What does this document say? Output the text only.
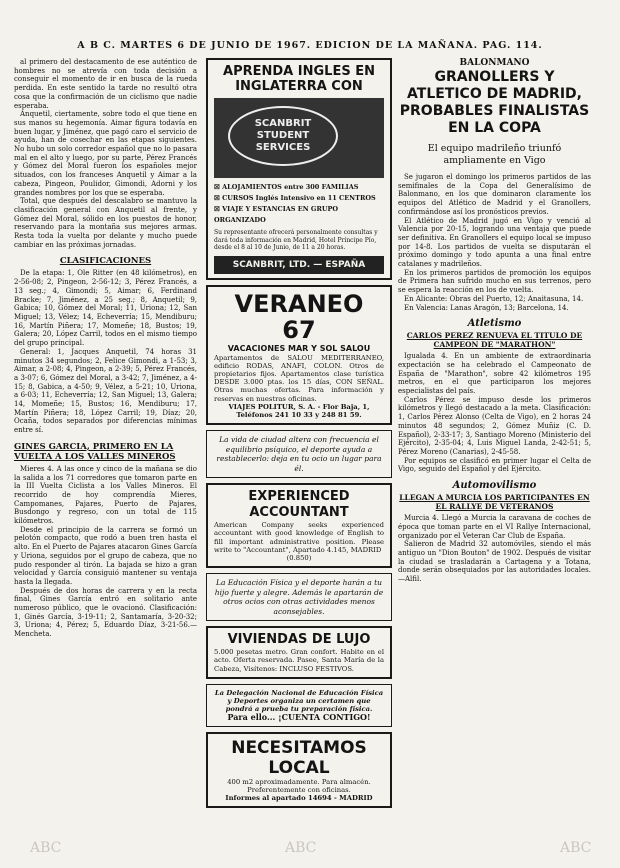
A B C. MARTES 6 DE JUNIO DE 1967. EDICION DE LA MAÑANA. PAG. 114.

al primero del destacamento de ese auténtico de hombres no se atrevía con toda decisión a conseguir el momento de ir en busca de la rueda perdida. En este sentido la tarde no resultó otra cosa que la confirmación de un ciclismo que nadie esperaba.

Anquetil, ciertamente, sobre todo el que tiene en sus manos su hegemonía. Aimar figura todavía en buen lugar, y Jiménez, que pagó caro el servicio de ayuda, han de cosechar en las etapas siguientes. No hubo un solo corredor español que no lo pasara mal en el alto y luego, por su parte, Pérez Francés y Gómez del Moral fueron los españoles mejor situados, con los franceses Anquetil y Aimar a la cabeza, Pingeon, Poulidor, Gimondi, Adorni y los grandes nombres por los que se esperaba.

Total, que después del descalabro se mantuvo la clasificación general con Anquetil al frente, y Gómez del Moral, sólido en los puestos de honor, reservando para la montaña sus mejores armas. Resta toda la vuelta por delante y mucho puede cambiar en las próximas jornadas.

CLASIFICACIONES

De la etapa: 1, Ole Ritter (en 48 kilómetros), en 2-56-08; 2, Pingeon, 2-56-12; 3, Pérez Francés, a 13 seg.; 4, Gimondi; 5, Aimar; 6, Ferdinand Bracke; 7, Jiménez, a 25 seg.; 8, Anquetil; 9, Gabica; 10, Gómez del Moral; 11, Uriona; 12, San Miguel; 13, Vélez; 14, Echeverría; 15, Mendiburu; 16, Martín Piñera; 17, Momeñe; 18, Bustos; 19, Galera; 20, López Carril, todos en el mismo tiempo del grupo principal.

General: 1, Jacques Anquetil, 74 horas 31 minutos 34 segundos; 2, Felice Gimondi, a 1-53; 3, Aimar, a 2-08; 4, Pingeon, a 2-39; 5, Pérez Francés, a 3-07; 6, Gómez del Moral, a 3-42; 7, Jiménez, a 4-15; 8, Gabica, a 4-50; 9, Vélez, a 5-21; 10, Uriona, a 6-03; 11, Echeverría; 12, San Miguel; 13, Galera; 14, Momeñe; 15, Bustos; 16, Mendiburu; 17, Martín Piñera; 18, López Carril; 19, Díaz; 20, Ocaña, todos separados por diferencias mínimas entre sí.

GINES GARCIA, PRIMERO EN LA VUELTA A LOS VALLES MINEROS

Mieres 4. A las once y cinco de la mañana se dio la salida a los 71 corredores que tomaron parte en la III Vuelta Ciclista a los Valles Mineros. El recorrido de hoy comprendía Mieres, Campomanes, Pajares, Puerto de Pajares, Busdongo y regreso, con un total de 115 kilómetros.

Desde el principio de la carrera se formó un pelotón compacto, que rodó a buen tren hasta el alto. En el Puerto de Pajares atacaron Gines García y Uriona, seguidos por el grupo de cabeza, que no pudo responder al tirón. La bajada se hizo a gran velocidad y García consiguió mantener su ventaja hasta la llegada.

Después de dos horas de carrera y en la recta final, Gines García entró en solitario ante numeroso público, que le ovacionó. Clasificación: 1, Ginés García, 3-19-11; 2, Santamaría, 3-20-32; 3, Uriona; 4, Pérez; 5, Eduardo Díaz, 3-21-56.—Mencheta.

APRENDA INGLES EN INGLATERRA CON
SCANBRIT STUDENT SERVICES
☒ ALOJAMIENTOS entre 300 FAMILIAS
☒ CURSOS Inglés Intensivo en 11 CENTROS
☒ VIAJE Y ESTANCIAS EN GRUPO ORGANIZADO

Su representante ofrecerá personalmente consultas y dará toda información en Madrid, Hotel Príncipe Pío, desde el 8 al 10 de Junio, de 11 a 20 horas.

SCANBRIT, LTD. — ESPAÑA
VERANEO 67
VACACIONES MAR Y SOL SALOU

Apartamentos de SALOU MEDITERRANEO, edificio RODAS, ANAFI, COLON. Otros de propietarios fijos. Apartamentos clase turística DESDE 3.000 ptas. los 15 días, CON SEÑAL. Otras muchas ofertas. Para información y reservas en nuestras oficinas.

VIAJES POLITUR, S. A. - Flor Baja, 1, Teléfonos 241 10 33 y 248 81 59.

La vida de ciudad altera con frecuencia el equilibrio psíquico, el deporte ayuda a restablecerlo: deja en tu ocio un lugar para él.

EXPERIENCED ACCOUNTANT

American Company seeks experienced accountant with good knowledge of English to fill important administrative position. Please write to "Accountant", Apartado 4.145, MADRID

(0.850)

La Educación Física y el deporte harán a tu hijo fuerte y alegre. Además le apartarán de otros ocios con otras actividades menos aconsejables.

VIVIENDAS DE LUJO

5.000 pesetas metro. Gran confort. Habite en el acto. Oferta reservada. Pasee, Santa María de la Cabeza, Visítenos: INCLUSO FESTIVOS.

La Delegación Nacional de Educación Física y Deportes organiza un certamen que pondrá a prueba tu preparación física.

Para ello... ¡CUENTA CONTIGO!

NECESITAMOS LOCAL

400 m2 aproximadamente. Para almacén. Preferentemente con oficinas.

Informes al apartado 14694 - MADRID

BALONMANO

GRANOLLERS Y ATLETICO DE MADRID, PROBABLES FINALISTAS EN LA COPA

El equipo madrileño triunfó ampliamente en Vigo

Se jugaron el domingo los primeros partidos de las semifinales de la Copa del Generalísimo de Balonmano, en los que dominaron claramente los equipos del Atlético de Madrid y el Granollers, confirmándose así los pronósticos previos.

El Atlético de Madrid jugó en Vigo y venció al Valencia por 20-15, logrando una ventaja que puede ser definitiva. En Granollers el equipo local se impuso por 14-8. Los partidos de vuelta se disputarán el próximo domingo y todo apunta a una final entre catalanes y madrileños.

En los primeros partidos de promoción los equipos de Primera han sufrido mucho en sus terrenos, pero se espera la reacción en los de vuelta.

En Alicante: Obras del Puerto, 12; Anaitasuna, 14.

En Valencia: Lanas Aragón, 13; Barcelona, 14.

Atletismo

CARLOS PEREZ RENUEVA EL TITULO DE CAMPEON DE "MARATHON"

Igualada 4. En un ambiente de extraordinaria expectación se ha celebrado el Campeonato de España de "Marathon", sobre 42 kilómetros 195 metros, en el que participaron los mejores especialistas del país.

Carlos Pérez se impuso desde los primeros kilómetros y llegó destacado a la meta. Clasificación: 1, Carlos Pérez Alonso (Celta de Vigo), en 2 horas 24 minutos 48 segundos; 2, Gómez Muñiz (C. D. Español), 2-33-17; 3, Santiago Moreno (Ministerio del Ejército), 2-35-04; 4, Luis Miguel Landa, 2-42-51; 5, Pérez Moreno (Canarias), 2-45-58.

Por equipos se clasificó en primer lugar el Celta de Vigo, seguido del Español y del Ejército.

Automovilismo

LLEGAN A MURCIA LOS PARTICIPANTES EN EL RALLYE DE VETERANOS

Murcia 4. Llegó a Murcia la caravana de coches de época que toman parte en el VI Rallye Internacional, organizado por el Veteran Car Club de España.

Salieron de Madrid 32 automóviles, siendo el más antiguo un "Dion Bouton" de 1902. Después de visitar la ciudad se trasladarán a Cartagena y a Totana, donde serán obsequiados por las autoridades locales.—Alfil.

ABC	ABC	ABC
